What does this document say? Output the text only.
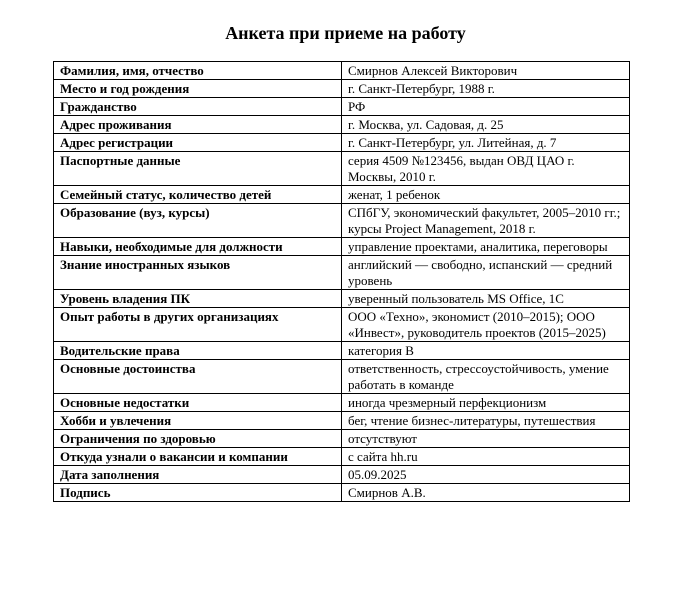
Анкета при приеме на работу
Фамилия, имя, отчество	Смирнов Алексей Викторович
Место и год рождения	г. Санкт-Петербург, 1988 г.
Гражданство	РФ
Адрес проживания	г. Москва, ул. Садовая, д. 25
Адрес регистрации	г. Санкт-Петербург, ул. Литейная, д. 7
Паспортные данные	серия 4509 №123456, выдан ОВД ЦАО г. Москвы, 2010 г.
Семейный статус, количество детей	женат, 1 ребенок
Образование (вуз, курсы)	СПбГУ, экономический факультет, 2005–2010 гг.; курсы Project Management, 2018 г.
Навыки, необходимые для должности	управление проектами, аналитика, переговоры
Знание иностранных языков	английский — свободно, испанский — средний уровень
Уровень владения ПК	уверенный пользователь MS Office, 1С
Опыт работы в других организациях	ООО «Техно», экономист (2010–2015); ООО «Инвест», руководитель проектов (2015–2025)
Водительские права	категория B
Основные достоинства	ответственность, стрессоустойчивость, умение работать в команде
Основные недостатки	иногда чрезмерный перфекционизм
Хобби и увлечения	бег, чтение бизнес-литературы, путешествия
Ограничения по здоровью	отсутствуют
Откуда узнали о вакансии и компании	с сайта hh.ru
Дата заполнения	05.09.2025
Подпись	Смирнов А.В.
